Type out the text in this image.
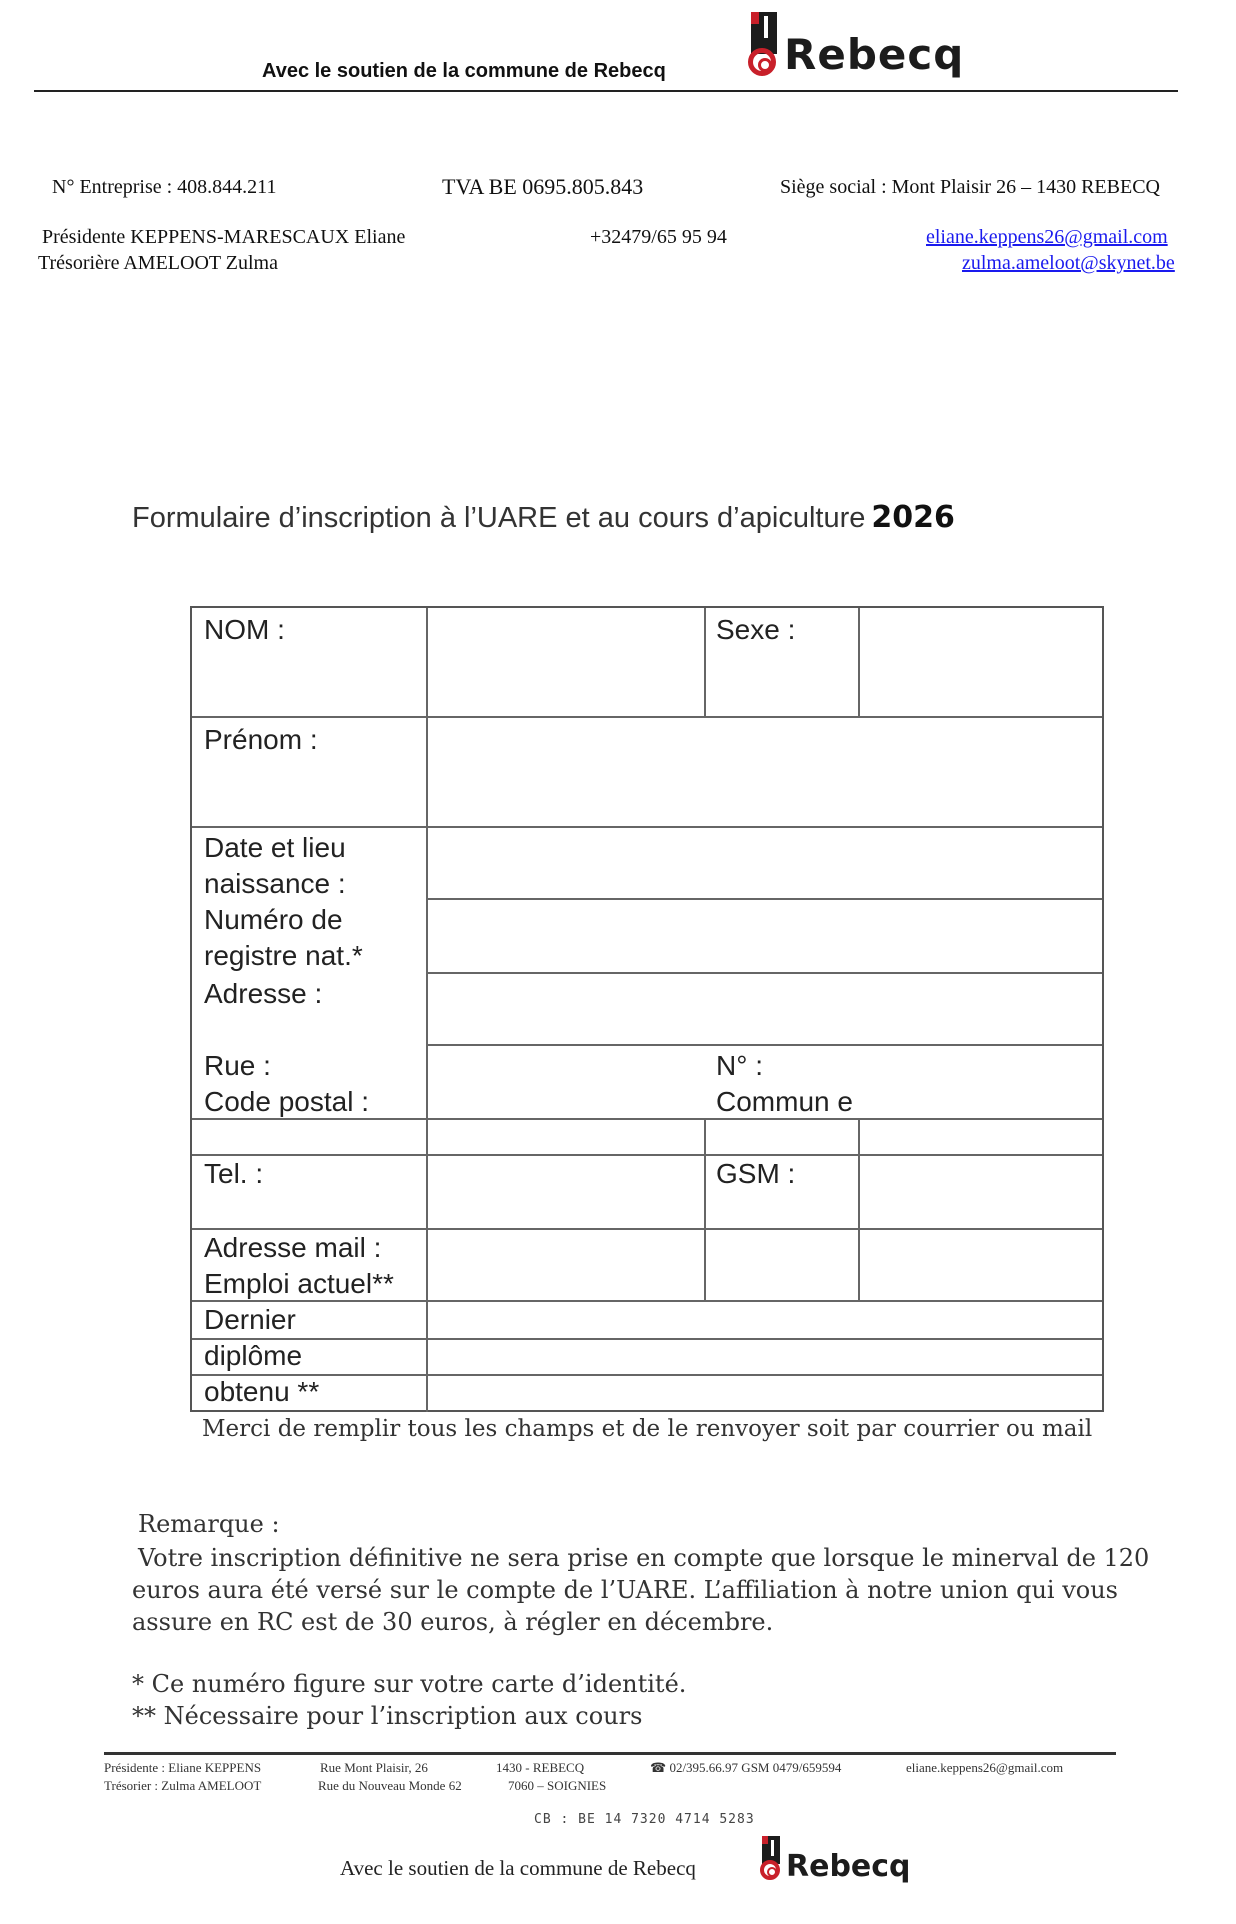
Avec le soutien de la commune de Rebecq	Rebecq
N° Entreprise : 408.844.211	TVA BE 0695.805.843	Siège social : Mont Plaisir 26 – 1430 REBECQ
Présidente KEPPENS-MARESCAUX Eliane	+32479/65 95 94	eliane.keppens26@gmail.com
Trésorière AMELOOT Zulma	zulma.ameloot@skynet.be
Formulaire d’inscription à l’UARE et au cours d’apiculture 2026
NOM :	Sexe :
Prénom :
Date et lieu naissance :
Numéro de registre nat.*
Adresse :
Rue :	N° :
Code postal :	Commun e
Tel. :	GSM :
Adresse mail :
Emploi actuel**
Dernier diplôme obtenu **
Merci de remplir tous les champs et de le renvoyer soit par courrier ou mail
Remarque :
Votre inscription définitive ne sera prise en compte que lorsque le minerval de 120
euros aura été versé sur le compte de l’UARE. L’affiliation à notre union qui vous
assure en RC est de 30 euros, à régler en décembre.
* Ce numéro figure sur votre carte d’identité.
** Nécessaire pour l’inscription aux cours
Présidente : Eliane KEPPENS	Rue Mont Plaisir, 26	1430 - REBECQ	☎ 02/395.66.97 GSM 0479/659594	eliane.keppens26@gmail.com
Trésorier : Zulma AMELOOT	Rue du Nouveau Monde 62	7060 – SOIGNIES
CB : BE 14 7320 4714 5283
Avec le soutien de la commune de Rebecq	Rebecq
